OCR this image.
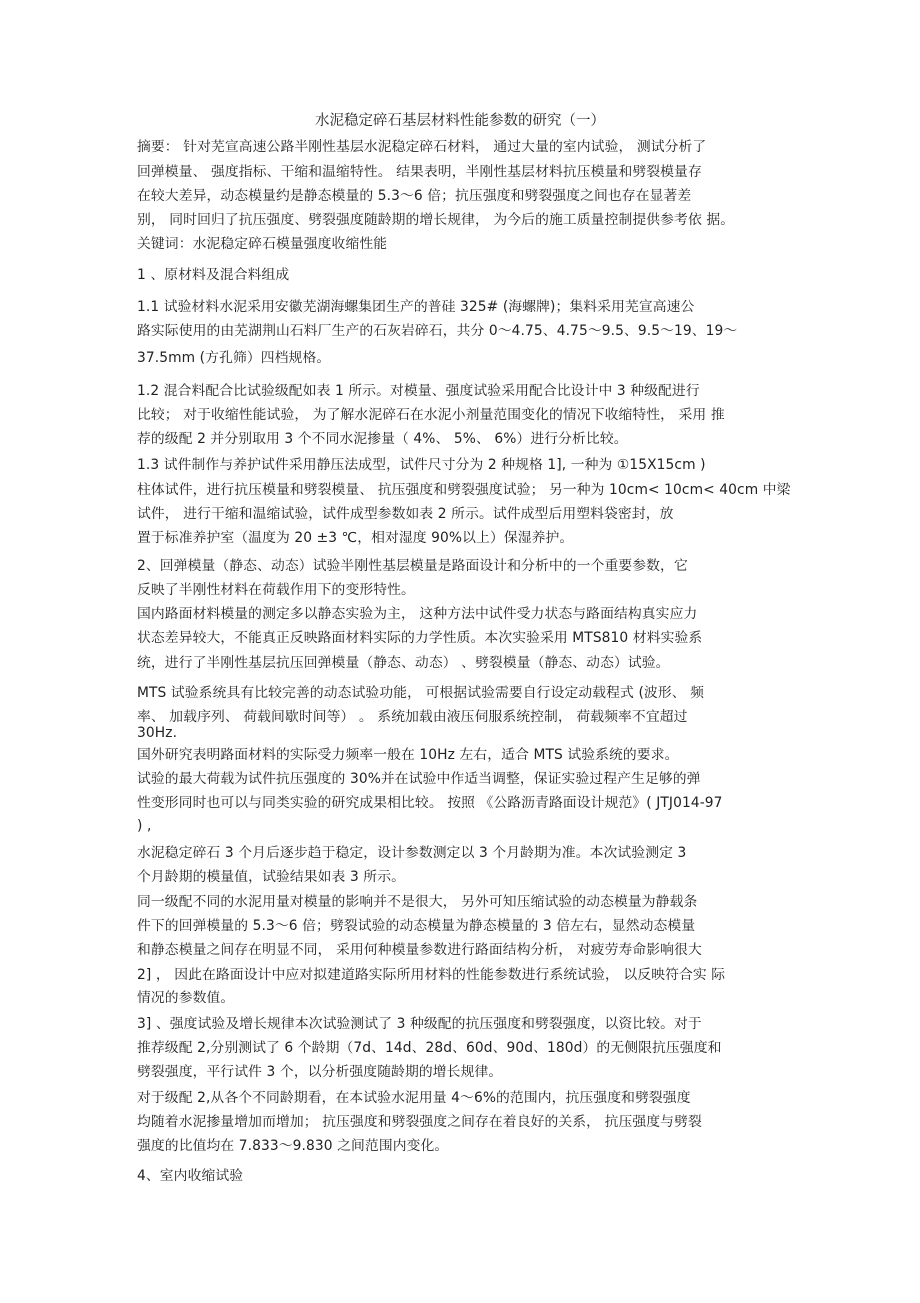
水泥稳定碎石基层材料性能参数的研究（一）
摘要： 针对芜宣高速公路半刚性基层水泥稳定碎石材料， 通过大量的室内试验， 测试分析了
回弹模量、 强度指标、干缩和温缩特性。 结果表明，半刚性基层材料抗压模量和劈裂模量存
在较大差异，动态模量约是静态模量的 5.3〜6 倍；抗压强度和劈裂强度之间也存在显著差
别， 同时回归了抗压强度、劈裂强度随龄期的增长规律， 为今后的施工质量控制提供参考依 据。
关键词：水泥稳定碎石模量强度收缩性能
1 、原材料及混合料组成
1.1 试验材料水泥采用安徽芜湖海螺集团生产的普硅 325# (海螺牌)；集料采用芜宣高速公
路实际使用的由芜湖荆山石料厂生产的石灰岩碎石，共分 0〜4.75、4.75〜9.5、9.5〜19、19〜
37.5mm (方孔筛）四档规格。
1.2 混合料配合比试验级配如表 1 所示。对模量、强度试验采用配合比设计中 3 种级配进行
比较； 对于收缩性能试验， 为了解水泥碎石在水泥小剂量范围变化的情况下收缩特性， 采用 推
荐的级配 2 并分别取用 3 个不同水泥掺量（ 4%、 5%、 6%）进行分析比较。
1.3 试件制作与养护试件采用静压法成型，试件尺寸分为 2 种规格 1], 一种为 ①15X15cm )
柱体试件，进行抗压模量和劈裂模量、 抗压强度和劈裂强度试验； 另一种为 10cm< 10cm< 40cm 中梁
试件， 进行干缩和温缩试验，试件成型参数如表 2 所示。试件成型后用塑料袋密封，放
置于标准养护室（温度为 20 ±3 ℃，相对湿度 90%以上）保湿养护。
2、回弹模量（静态、动态）试验半刚性基层模量是路面设计和分析中的一个重要参数，它
反映了半刚性材料在荷载作用下的变形特性。
国内路面材料模量的测定多以静态实验为主， 这种方法中试件受力状态与路面结构真实应力
状态差异较大，不能真正反映路面材料实际的力学性质。本次实验采用 MTS810 材料实验系
统，进行了半刚性基层抗压回弹模量（静态、动态） 、劈裂模量（静态、动态）试验。
MTS 试验系统具有比较完善的动态试验功能， 可根据试验需要自行设定动载程式 (波形、 频
率、 加载序列、 荷载间歇时间等） 。 系统加载由液压伺服系统控制， 荷载频率不宜超过
30Hz.
国外研究表明路面材料的实际受力频率一般在 10Hz 左右，适合 MTS 试验系统的要求。
试验的最大荷载为试件抗压强度的 30%并在试验中作适当调整，保证实验过程产生足够的弹
性变形同时也可以与同类实验的研究成果相比较。 按照 《公路沥青路面设计规范》( JTJ014-97
) ,
水泥稳定碎石 3 个月后逐步趋于稳定，设计参数测定以 3 个月龄期为准。本次试验测定 3
个月龄期的模量值，试验结果如表 3 所示。
同一级配不同的水泥用量对模量的影响并不是很大， 另外可知压缩试验的动态模量为静载条
件下的回弹模量的 5.3〜6 倍；劈裂试验的动态模量为静态模量的 3 倍左右，显然动态模量
和静态模量之间存在明显不同， 采用何种模量参数进行路面结构分析， 对疲劳寿命影响很大
2] ， 因此在路面设计中应对拟建道路实际所用材料的性能参数进行系统试验， 以反映符合实 际
情况的参数值。
3] 、强度试验及增长规律本次试验测试了 3 种级配的抗压强度和劈裂强度，以资比较。对于
推荐级配 2,分别测试了 6 个龄期（7d、14d、28d、60d、90d、180d）的无侧限抗压强度和
劈裂强度，平行试件 3 个，以分析强度随龄期的增长规律。
对于级配 2,从各个不同龄期看，在本试验水泥用量 4〜6%的范围内，抗压强度和劈裂强度
均随着水泥掺量增加而增加； 抗压强度和劈裂强度之间存在着良好的关系， 抗压强度与劈裂
强度的比值均在 7.833〜9.830 之间范围内变化。
4、室内收缩试验
